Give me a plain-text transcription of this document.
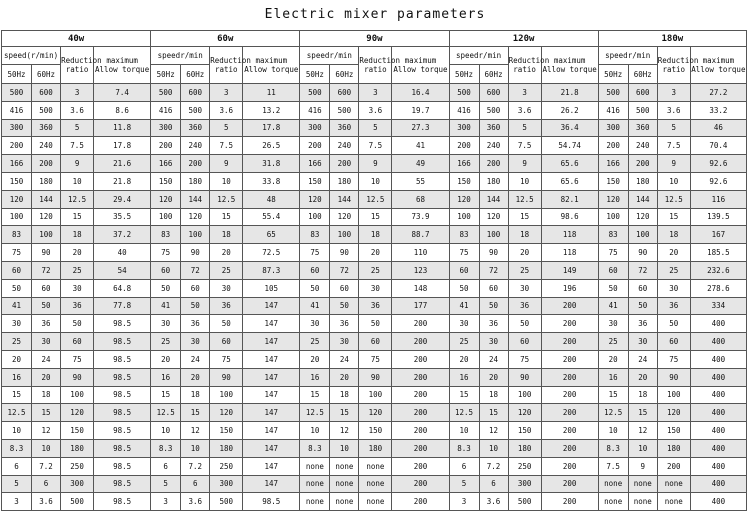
Electric mixer parameters
40w				60w				90w				120w				180w			
speed(r/min)		Reduction ratio	maximum Allow torque	speedr/min		Reduction ratio	maximum Allow torque	speedr/min		Reduction ratio	maximum Allow torque	speedr/min		Reduction ratio	maximum Allow torque	speedr/min		Reduction ratio	maximum Allow torque
50Hz	60Hz			50Hz	60Hz			50Hz	60Hz			50Hz	60Hz			50Hz	60Hz		
500	600	3	7.4	500	600	3	11	500	600	3	16.4	500	600	3	21.8	500	600	3	27.2
416	500	3.6	8.6	416	500	3.6	13.2	416	500	3.6	19.7	416	500	3.6	26.2	416	500	3.6	33.2
300	360	5	11.8	300	360	5	17.8	300	360	5	27.3	300	360	5	36.4	300	360	5	46
200	240	7.5	17.8	200	240	7.5	26.5	200	240	7.5	41	200	240	7.5	54.74	200	240	7.5	70.4
166	200	9	21.6	166	200	9	31.8	166	200	9	49	166	200	9	65.6	166	200	9	92.6
150	180	10	21.8	150	180	10	33.8	150	180	10	55	150	180	10	65.6	150	180	10	92.6
120	144	12.5	29.4	120	144	12.5	48	120	144	12.5	68	120	144	12.5	82.1	120	144	12.5	116
100	120	15	35.5	100	120	15	55.4	100	120	15	73.9	100	120	15	98.6	100	120	15	139.5
83	100	18	37.2	83	100	18	65	83	100	18	88.7	83	100	18	118	83	100	18	167
75	90	20	40	75	90	20	72.5	75	90	20	110	75	90	20	118	75	90	20	185.5
60	72	25	54	60	72	25	87.3	60	72	25	123	60	72	25	149	60	72	25	232.6
50	60	30	64.8	50	60	30	105	50	60	30	148	50	60	30	196	50	60	30	278.6
41	50	36	77.8	41	50	36	147	41	50	36	177	41	50	36	200	41	50	36	334
30	36	50	98.5	30	36	50	147	30	36	50	200	30	36	50	200	30	36	50	400
25	30	60	98.5	25	30	60	147	25	30	60	200	25	30	60	200	25	30	60	400
20	24	75	98.5	20	24	75	147	20	24	75	200	20	24	75	200	20	24	75	400
16	20	90	98.5	16	20	90	147	16	20	90	200	16	20	90	200	16	20	90	400
15	18	100	98.5	15	18	100	147	15	18	100	200	15	18	100	200	15	18	100	400
12.5	15	120	98.5	12.5	15	120	147	12.5	15	120	200	12.5	15	120	200	12.5	15	120	400
10	12	150	98.5	10	12	150	147	10	12	150	200	10	12	150	200	10	12	150	400
8.3	10	180	98.5	8.3	10	180	147	8.3	10	180	200	8.3	10	180	200	8.3	10	180	400
6	7.2	250	98.5	6	7.2	250	147	none	none	none	200	6	7.2	250	200	7.5	9	200	400
5	6	300	98.5	5	6	300	147	none	none	none	200	5	6	300	200	none	none	none	400
3	3.6	500	98.5	3	3.6	500	98.5	none	none	none	200	3	3.6	500	200	none	none	none	400
